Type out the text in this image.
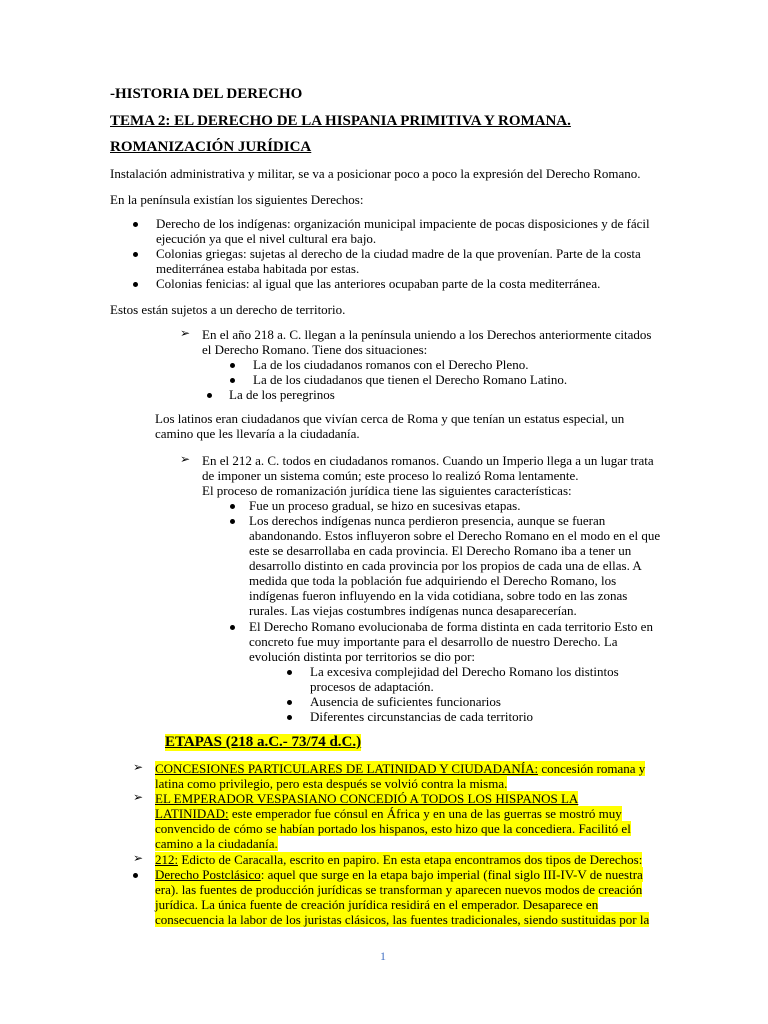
-HISTORIA DEL DERECHO
TEMA 2: EL DERECHO DE LA HISPANIA PRIMITIVA Y ROMANA.
ROMANIZACIÓN JURÍDICA
Instalación administrativa y militar, se va a posicionar poco a poco la expresión del Derecho Romano.
En la península existían los siguientes Derechos:
Derecho de los indígenas: organización municipal impaciente de pocas disposiciones y de fácil
ejecución ya que el nivel cultural era bajo.
Colonias griegas: sujetas al derecho de la ciudad madre de la que provenían. Parte de la costa
mediterránea estaba habitada por estas.
Colonias fenicias: al igual que las anteriores ocupaban parte de la costa mediterránea.
Estos están sujetos a un derecho de territorio.
➢ En el año 218 a. C. llegan a la península uniendo a los Derechos anteriormente citados
el Derecho Romano. Tiene dos situaciones:
La de los ciudadanos romanos con el Derecho Pleno.
La de los ciudadanos que tienen el Derecho Romano Latino.
La de los peregrinos
Los latinos eran ciudadanos que vivían cerca de Roma y que tenían un estatus especial, un
camino que les llevaría a la ciudadanía.
➢ En el 212 a. C. todos en ciudadanos romanos. Cuando un Imperio llega a un lugar trata
de imponer un sistema común; este proceso lo realizó Roma lentamente.
El proceso de romanización jurídica tiene las siguientes características:
Fue un proceso gradual, se hizo en sucesivas etapas.
Los derechos indígenas nunca perdieron presencia, aunque se fueran
abandonando. Estos influyeron sobre el Derecho Romano en el modo en el que
este se desarrollaba en cada provincia. El Derecho Romano iba a tener un
desarrollo distinto en cada provincia por los propios de cada una de ellas. A
medida que toda la población fue adquiriendo el Derecho Romano, los
indígenas fueron influyendo en la vida cotidiana, sobre todo en las zonas
rurales. Las viejas costumbres indígenas nunca desaparecerían.
El Derecho Romano evolucionaba de forma distinta en cada territorio Esto en
concreto fue muy importante para el desarrollo de nuestro Derecho. La
evolución distinta por territorios se dio por:
La excesiva complejidad del Derecho Romano los distintos
procesos de adaptación.
Ausencia de suficientes funcionarios
Diferentes circunstancias de cada territorio
ETAPAS (218 a.C.- 73/74 d.C.)
➢ CONCESIONES PARTICULARES DE LATINIDAD Y CIUDADANÍA: concesión romana y
latina como privilegio, pero esta después se volvió contra la misma.
➢ EL EMPERADOR VESPASIANO CONCEDIÓ A TODOS LOS HISPANOS LA
LATINIDAD: este emperador fue cónsul en África y en una de las guerras se mostró muy
convencido de cómo se habían portado los hispanos, esto hizo que la concediera. Facilitó el
camino a la ciudadanía.
➢ 212: Edicto de Caracalla, escrito en papiro. En esta etapa encontramos dos tipos de Derechos:
Derecho Postclásico: aquel que surge en la etapa bajo imperial (final siglo III-IV-V de nuestra
era). las fuentes de producción jurídicas se transforman y aparecen nuevos modos de creación
jurídica. La única fuente de creación jurídica residirá en el emperador. Desaparece en
consecuencia la labor de los juristas clásicos, las fuentes tradicionales, siendo sustituidas por la
1
